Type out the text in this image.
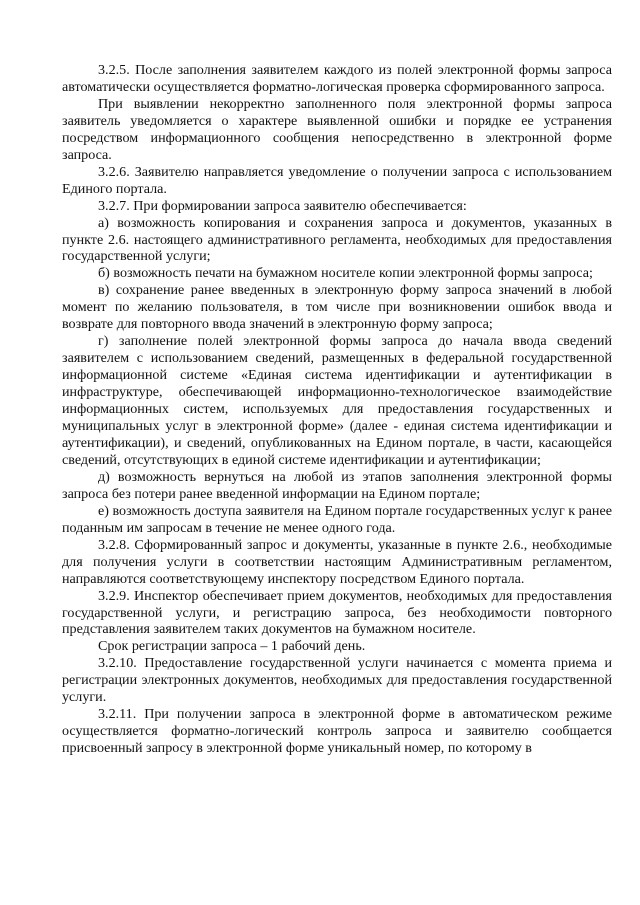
3.2.5. После заполнения заявителем каждого из полей электронной формы запроса автоматически осуществляется форматно-логическая проверка сформированного запроса.

При выявлении некорректно заполненного поля электронной формы запроса заявитель уведомляется о характере выявленной ошибки и порядке ее устранения посредством информационного сообщения непосредственно в электронной форме запроса.

3.2.6. Заявителю направляется уведомление о получении запроса с использованием Единого портала.

3.2.7. При формировании запроса заявителю обеспечивается:

а) возможность копирования и сохранения запроса и документов, указанных в пункте 2.6. настоящего административного регламента, необходимых для предоставления государственной услуги;

б) возможность печати на бумажном носителе копии электронной формы запроса;

в) сохранение ранее введенных в электронную форму запроса значений в любой момент по желанию пользователя, в том числе при возникновении ошибок ввода и возврате для повторного ввода значений в электронную форму запроса;

г) заполнение полей электронной формы запроса до начала ввода сведений заявителем с использованием сведений, размещенных в федеральной государственной информационной системе «Единая система идентификации и аутентификации в инфраструктуре, обеспечивающей информационно-технологическое взаимодействие информационных систем, используемых для предоставления государственных и муниципальных услуг в электронной форме» (далее - единая система идентификации и аутентификации), и сведений, опубликованных на Едином портале, в части, касающейся сведений, отсутствующих в единой системе идентификации и аутентификации;

д) возможность вернуться на любой из этапов заполнения электронной формы запроса без потери ранее введенной информации на Едином портале;

е) возможность доступа заявителя на Едином портале государственных услуг к ранее поданным им запросам в течение не менее одного года.

3.2.8. Сформированный запрос и документы, указанные в пункте 2.6., необходимые для получения услуги в соответствии настоящим Административным регламентом, направляются соответствующему инспектору посредством Единого портала.

3.2.9. Инспектор обеспечивает прием документов, необходимых для предоставления государственной услуги, и регистрацию запроса, без необходимости повторного представления заявителем таких документов на бумажном носителе.

Срок регистрации запроса – 1 рабочий день.

3.2.10. Предоставление государственной услуги начинается с момента приема и регистрации электронных документов, необходимых для предоставления государственной услуги.

3.2.11. При получении запроса в электронной форме в автоматическом режиме осуществляется форматно-логический контроль запроса и заявителю сообщается присвоенный запросу в электронной форме уникальный номер, по которому в
